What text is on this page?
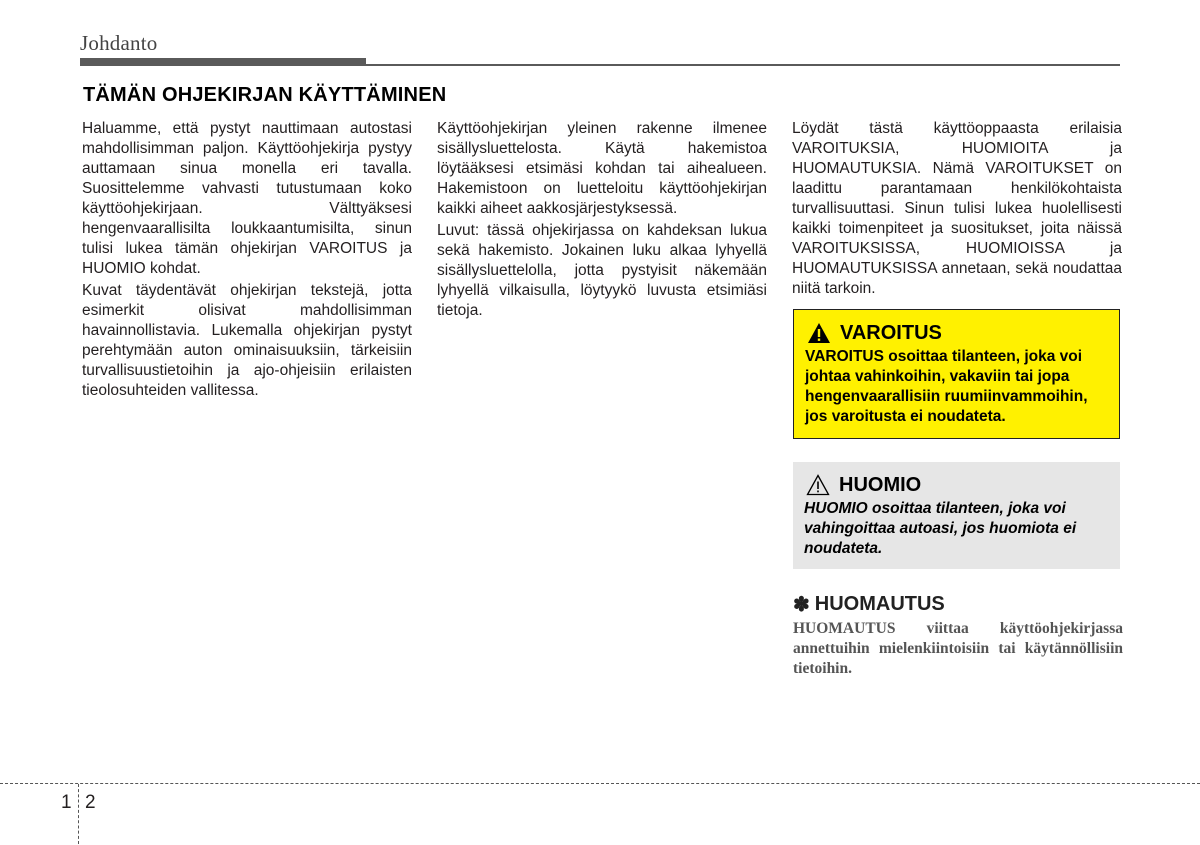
Johdanto
TÄMÄN OHJEKIRJAN KÄYTTÄMINEN

Haluamme, että pystyt nauttimaan autostasi mahdollisimman paljon. Käyttöohjekirja pystyy auttamaan sinua monella eri tavalla. Suosittelemme vahvasti tutustumaan koko käyttöohjekirjaan. Välttyäksesi hengenvaarallisilta loukkaantumisilta, sinun tulisi lukea tämän ohjekirjan VAROITUS ja HUOMIO kohdat.

Kuvat täydentävät ohjekirjan tekstejä, jotta esimerkit olisivat mahdollisimman havainnollistavia. Lukemalla ohjekirjan pystyt perehtymään auton ominaisuuksiin, tärkeisiin turvallisuustietoihin ja ajo-ohjeisiin erilaisten tieolosuhteiden vallitessa.

Käyttöohjekirjan yleinen rakenne ilmenee sisällysluettelosta. Käytä hakemistoa löytääksesi etsimäsi kohdan tai aihealueen. Hakemistoon on luetteloitu käyttöohjekirjan kaikki aiheet aakkosjärjestyksessä.

Luvut: tässä ohjekirjassa on kahdeksan lukua sekä hakemisto. Jokainen luku alkaa lyhyellä sisällysluettelolla, jotta pystyisit näkemään lyhyellä vilkaisulla, löytyykö luvusta etsimiäsi tietoja.

Löydät tästä käyttöoppaasta erilaisia VAROITUKSIA, HUOMIOITA ja HUOMAUTUKSIA. Nämä VAROITUKSET on laadittu parantamaan henkilökohtaista turvallisuuttasi. Sinun tulisi lukea huolellisesti kaikki toimenpiteet ja suositukset, joita näissä VAROITUKSISSA, HUOMIOISSA ja HUOMAUTUKSISSA annetaan, sekä noudattaa niitä tarkoin.

VAROITUS
VAROITUS osoittaa tilanteen, joka voi johtaa vahinkoihin, vakaviin tai jopa hengenvaarallisiin ruumiinvammoihin, jos varoitusta ei noudateta.
HUOMIO
HUOMIO osoittaa tilanteen, joka voi vahingoittaa autoasi, jos huomiota ei noudateta.
✽ HUOMAUTUS
HUOMAUTUS viittaa käyttöohjekirjassa annettuihin mielenkiintoisiin tai käytännöllisiin tietoihin.
1 2
